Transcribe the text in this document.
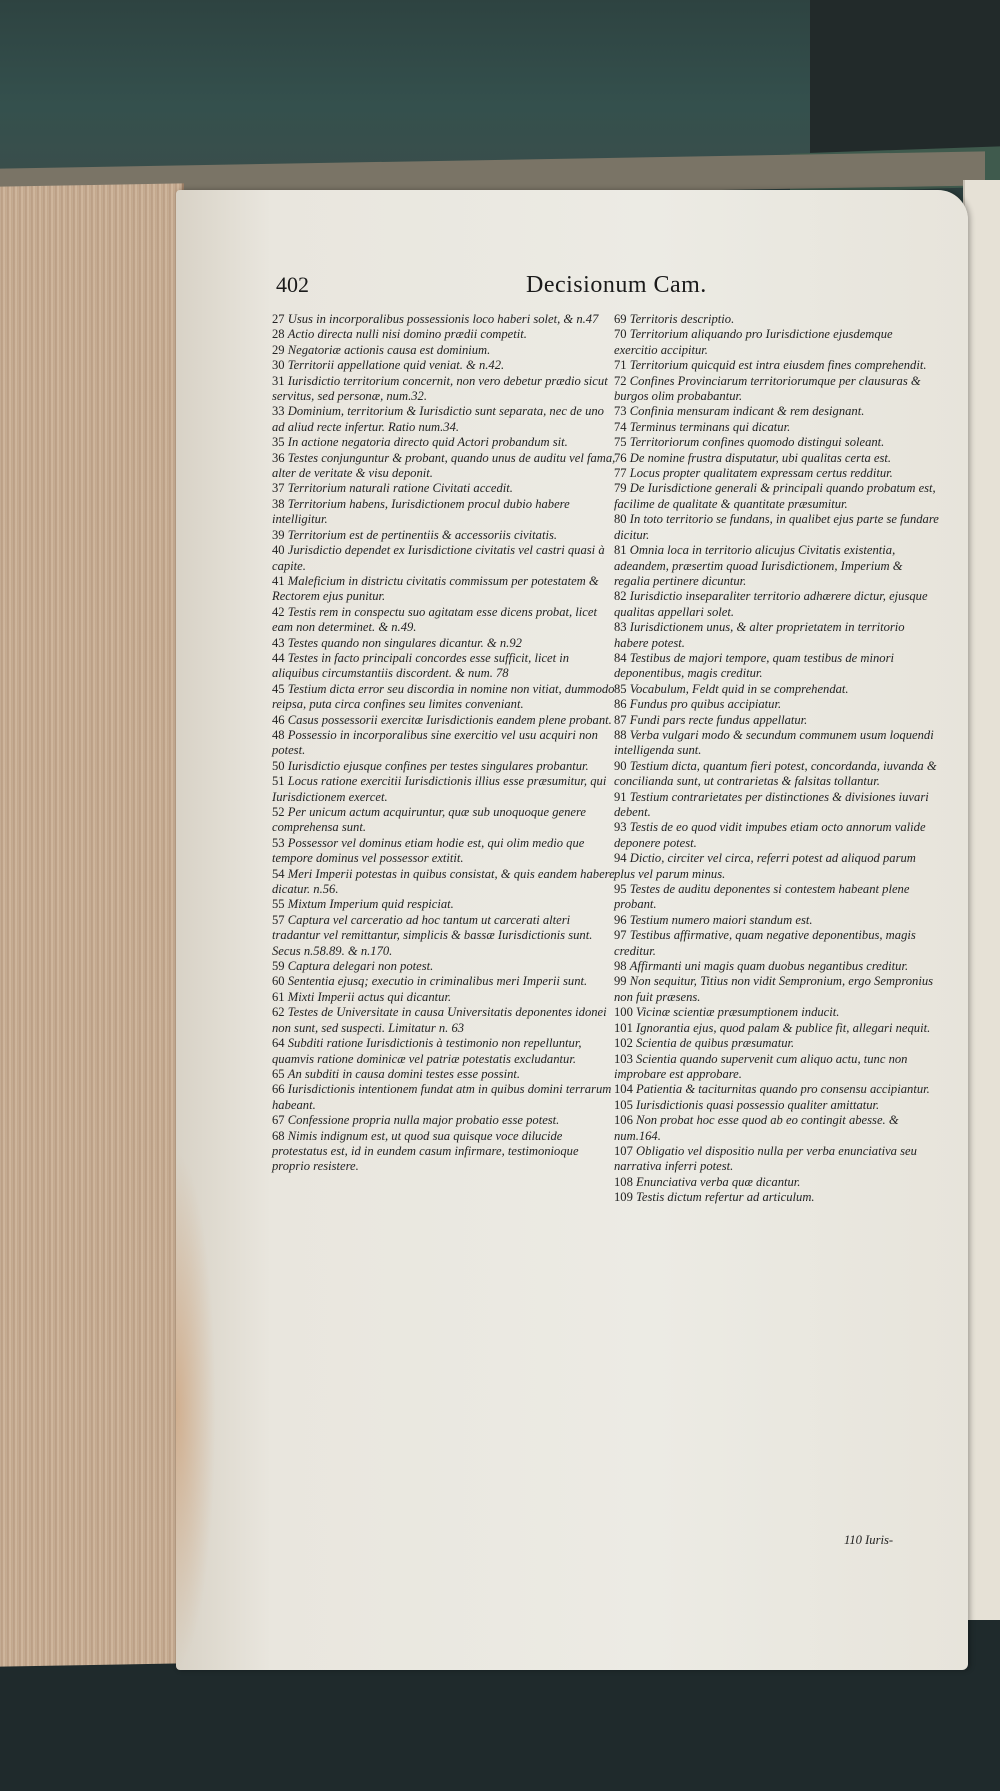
402	Decisionum Cam.
27 Usus in incorporalibus possessionis loco haberi solet, & n.47
28 Actio directa nulli nisi domino prædii competit.
29 Negatoriæ actionis causa est dominium.
30 Territorii appellatione quid veniat. & n.42.
31 Iurisdictio territorium concernit, non vero debetur prædio sicut servitus, sed personæ, num.32.
33 Dominium, territorium & Iurisdictio sunt separata, nec de uno ad aliud recte infertur. Ratio num.34.
35 In actione negatoria directo quid Actori probandum sit.
36 Testes conjunguntur & probant, quando unus de auditu vel fama, alter de veritate & visu deponit.
37 Territorium naturali ratione Civitati accedit.
38 Territorium habens, Iurisdictionem procul dubio habere intelligitur.
39 Territorium est de pertinentiis & accessoriis civitatis.
40 Jurisdictio dependet ex Iurisdictione civitatis vel castri quasi à capite.
41 Maleficium in districtu civitatis commissum per potestatem & Rectorem ejus punitur.
42 Testis rem in conspectu suo agitatam esse dicens probat, licet eam non determinet. & n.49.
43 Testes quando non singulares dicantur. & n.92
44 Testes in facto principali concordes esse sufficit, licet in aliquibus circumstantiis discordent. & num. 78
45 Testium dicta error seu discordia in nomine non vitiat, dummodo reipsa, puta circa confines seu limites conveniant.
46 Casus possessorii exercitæ Iurisdictionis eandem plene probant.
48 Possessio in incorporalibus sine exercitio vel usu acquiri non potest.
50 Iurisdictio ejusque confines per testes singulares probantur.
51 Locus ratione exercitii Iurisdictionis illius esse præsumitur, qui Iurisdictionem exercet.
52 Per unicum actum acquiruntur, quæ sub unoquoque genere comprehensa sunt.
53 Possessor vel dominus etiam hodie est, qui olim medio que tempore dominus vel possessor extitit.
54 Meri Imperii potestas in quibus consistat, & quis eandem habere dicatur. n.56.
55 Mixtum Imperium quid respiciat.
57 Captura vel carceratio ad hoc tantum ut carcerati alteri tradantur vel remittantur, simplicis & bassæ Iurisdictionis sunt. Secus n.58.89. & n.170.
59 Captura delegari non potest.
60 Sententia ejusq; executio in criminalibus meri Imperii sunt.
61 Mixti Imperii actus qui dicantur.
62 Testes de Universitate in causa Universitatis deponentes idonei non sunt, sed suspecti. Limitatur n. 63
64 Subditi ratione Iurisdictionis à testimonio non repelluntur, quamvis ratione dominicæ vel patriæ potestatis excludantur.
65 An subditi in causa domini testes esse possint.
66 Iurisdictionis intentionem fundat atm in quibus domini terrarum habeant.
67 Confessione propria nulla major probatio esse potest.
68 Nimis indignum est, ut quod sua quisque voce dilucide protestatus est, id in eundem casum infirmare, testimonioque proprio resistere.
69 Territoris descriptio.
70 Territorium aliquando pro Iurisdictione ejusdemque exercitio accipitur.
71 Territorium quicquid est intra eiusdem fines comprehendit.
72 Confines Provinciarum territoriorumque per clausuras & burgos olim probabantur.
73 Confinia mensuram indicant & rem designant.
74 Terminus terminans qui dicatur.
75 Territoriorum confines quomodo distingui soleant.
76 De nomine frustra disputatur, ubi qualitas certa est.
77 Locus propter qualitatem expressam certus redditur.
79 De Iurisdictione generali & principali quando probatum est, facilime de qualitate & quantitate præsumitur.
80 In toto territorio se fundans, in qualibet ejus parte se fundare dicitur.
81 Omnia loca in territorio alicujus Civitatis existentia, adeandem, præsertim quoad Iurisdictionem, Imperium & regalia pertinere dicuntur.
82 Iurisdictio inseparaliter territorio adhærere dictur, ejusque qualitas appellari solet.
83 Iurisdictionem unus, & alter proprietatem in territorio habere potest.
84 Testibus de majori tempore, quam testibus de minori deponentibus, magis creditur.
85 Vocabulum, Feldt quid in se comprehendat.
86 Fundus pro quibus accipiatur.
87 Fundi pars recte fundus appellatur.
88 Verba vulgari modo & secundum communem usum loquendi intelligenda sunt.
90 Testium dicta, quantum fieri potest, concordanda, iuvanda & concilianda sunt, ut contrarietas & falsitas tollantur.
91 Testium contrarietates per distinctiones & divisiones iuvari debent.
93 Testis de eo quod vidit impubes etiam octo annorum valide deponere potest.
94 Dictio, circiter vel circa, referri potest ad aliquod parum plus vel parum minus.
95 Testes de auditu deponentes si contestem habeant plene probant.
96 Testium numero maiori standum est.
97 Testibus affirmative, quam negative deponentibus, magis creditur.
98 Affirmanti uni magis quam duobus negantibus creditur.
99 Non sequitur, Titius non vidit Sempronium, ergo Sempronius non fuit præsens.
100 Vicinæ scientiæ præsumptionem inducit.
101 Ignorantia ejus, quod palam & publice fit, allegari nequit.
102 Scientia de quibus præsumatur.
103 Scientia quando supervenit cum aliquo actu, tunc non improbare est approbare.
104 Patientia & taciturnitas quando pro consensu accipiantur.
105 Iurisdictionis quasi possessio qualiter amittatur.
106 Non probat hoc esse quod ab eo contingit abesse. & num.164.
107 Obligatio vel dispositio nulla per verba enunciativa seu narrativa inferri potest.
108 Enunciativa verba quæ dicantur.
109 Testis dictum refertur ad articulum.
110 Iuris-
